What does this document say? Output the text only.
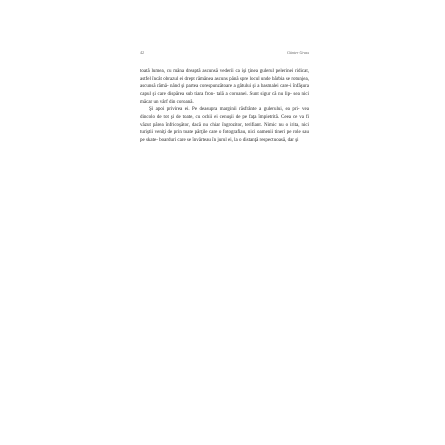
42	Günter Grass

toată lumea, cu mâna dreaptă ascunsă vederii ca işi ţinea gulerul pelerinei ridicat, astfel încât obrazul ei drept rămânea ascuns până spre locul unde bărbia se rotunjea, ascunsă rămâ- nând şi partea corespunzătoare a gâtului şi a basmalei care-i înfăşura capul şi care dispărea sub tiara fron- tală a coroanei. Sunt sigur că nu lip- sea nici măcar un vârf din coroană.

Şi apoi privirea ei. Pe deasupra marginii răsfrânte a gulerului, ea pri- vea dincolo de tot şi de toate, cu ochii ei cenuşii de pe faţa împietrită. Ceea ce va fi văzut părea înfricoşător, dacă nu chiar îngrozitor, terifiant. Nimic nu o irita, nici turiştii veniţi de prin toate părţile care o fotografiau, nici oamenii tineri pe role sau pe skate- boarduri care se învârteau în jurul ei, la o distanţă respectuoasă, dar şi
